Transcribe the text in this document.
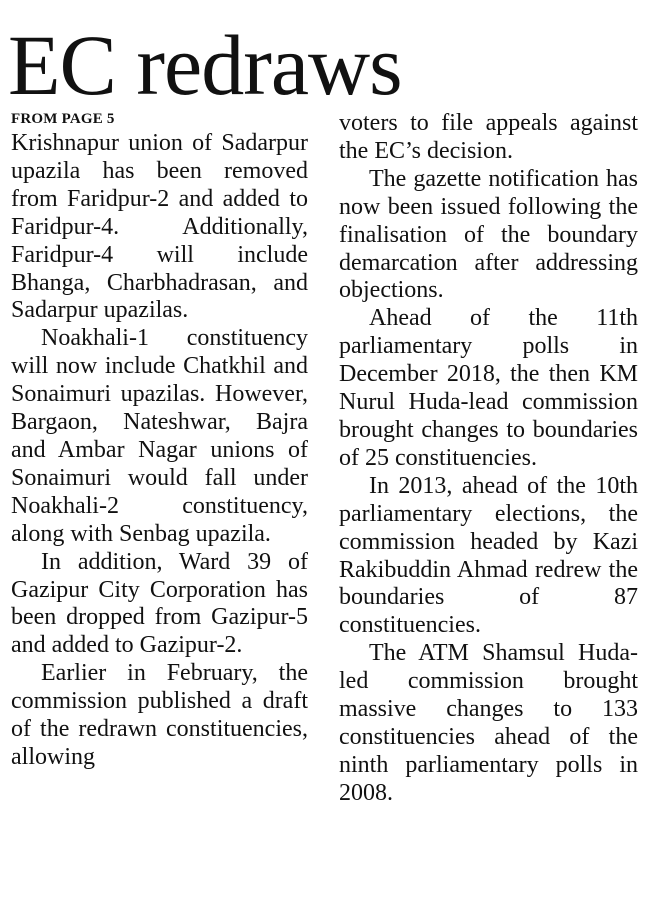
EC redraws
FROM PAGE 5

Krishnapur union of Sadarpur upazila has been removed from Faridpur-2 and added to Faridpur-4. Additionally, Faridpur-4 will include Bhanga, Charbhadrasan, and Sadarpur upazilas.

Noakhali-1 constituency will now include Chatkhil and Sonaimuri upazilas. However, Bargaon, Nateshwar, Bajra and Ambar Nagar unions of Sonaimuri would fall under Noakhali-2 constituency, along with Senbag upazila.

In addition, Ward 39 of Gazipur City Corporation has been dropped from Gazipur-5 and added to Gazipur-2.

Earlier in February, the commission published a draft of the redrawn constituencies, allowing

voters to file appeals against the EC’s decision.

The gazette notification has now been issued following the finalisation of the boundary demarcation after addressing objections.

Ahead of the 11th parliamentary polls in December 2018, the then KM Nurul Huda-lead commission brought changes to boundaries of 25 constituencies.

In 2013, ahead of the 10th parliamentary elections, the commission headed by Kazi Rakibuddin Ahmad redrew the boundaries of 87 constituencies.

The ATM Shamsul Huda-led commission brought massive changes to 133 constituencies ahead of the ninth parliamentary polls in 2008.
